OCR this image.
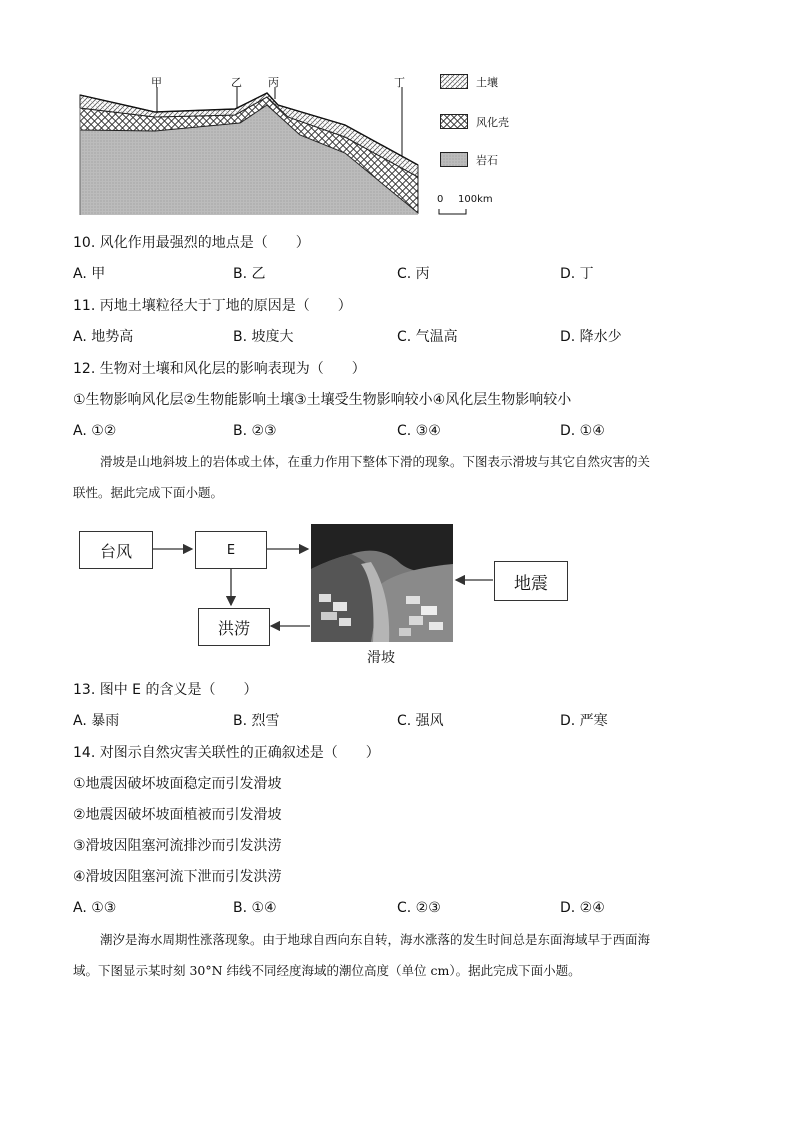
甲	乙 丙	丁	土壤
风化壳
岩石
0 100km
10. 风化作用最强烈的地点是（　　）
A. 甲	B. 乙	C. 丙	D. 丁
11. 丙地土壤粒径大于丁地的原因是（　　）
A. 地势高	B. 坡度大	C. 气温高	D. 降水少
12. 生物对土壤和风化层的影响表现为（　　）
①生物影响风化层②生物能影响土壤③土壤受生物影响较小④风化层生物影响较小
A. ①②	B. ②③	C. ③④	D. ①④
滑坡是山地斜坡上的岩体或土体，在重力作用下整体下滑的现象。下图表示滑坡与其它自然灾害的关
联性。据此完成下面小题。
台风	E
洪涝
地震
滑坡
13. 图中 E 的含义是（　　）
A. 暴雨	B. 烈雪	C. 强风	D. 严寒
14. 对图示自然灾害关联性的正确叙述是（　　）
①地震因破坏坡面稳定而引发滑坡
②地震因破坏坡面植被而引发滑坡
③滑坡因阻塞河流排沙而引发洪涝
④滑坡因阻塞河流下泄而引发洪涝
A. ①③	B. ①④	C. ②③	D. ②④
潮汐是海水周期性涨落现象。由于地球自西向东自转，海水涨落的发生时间总是东面海域早于西面海
域。下图显示某时刻 30°N 纬线不同经度海域的潮位高度（单位 cm）。据此完成下面小题。
